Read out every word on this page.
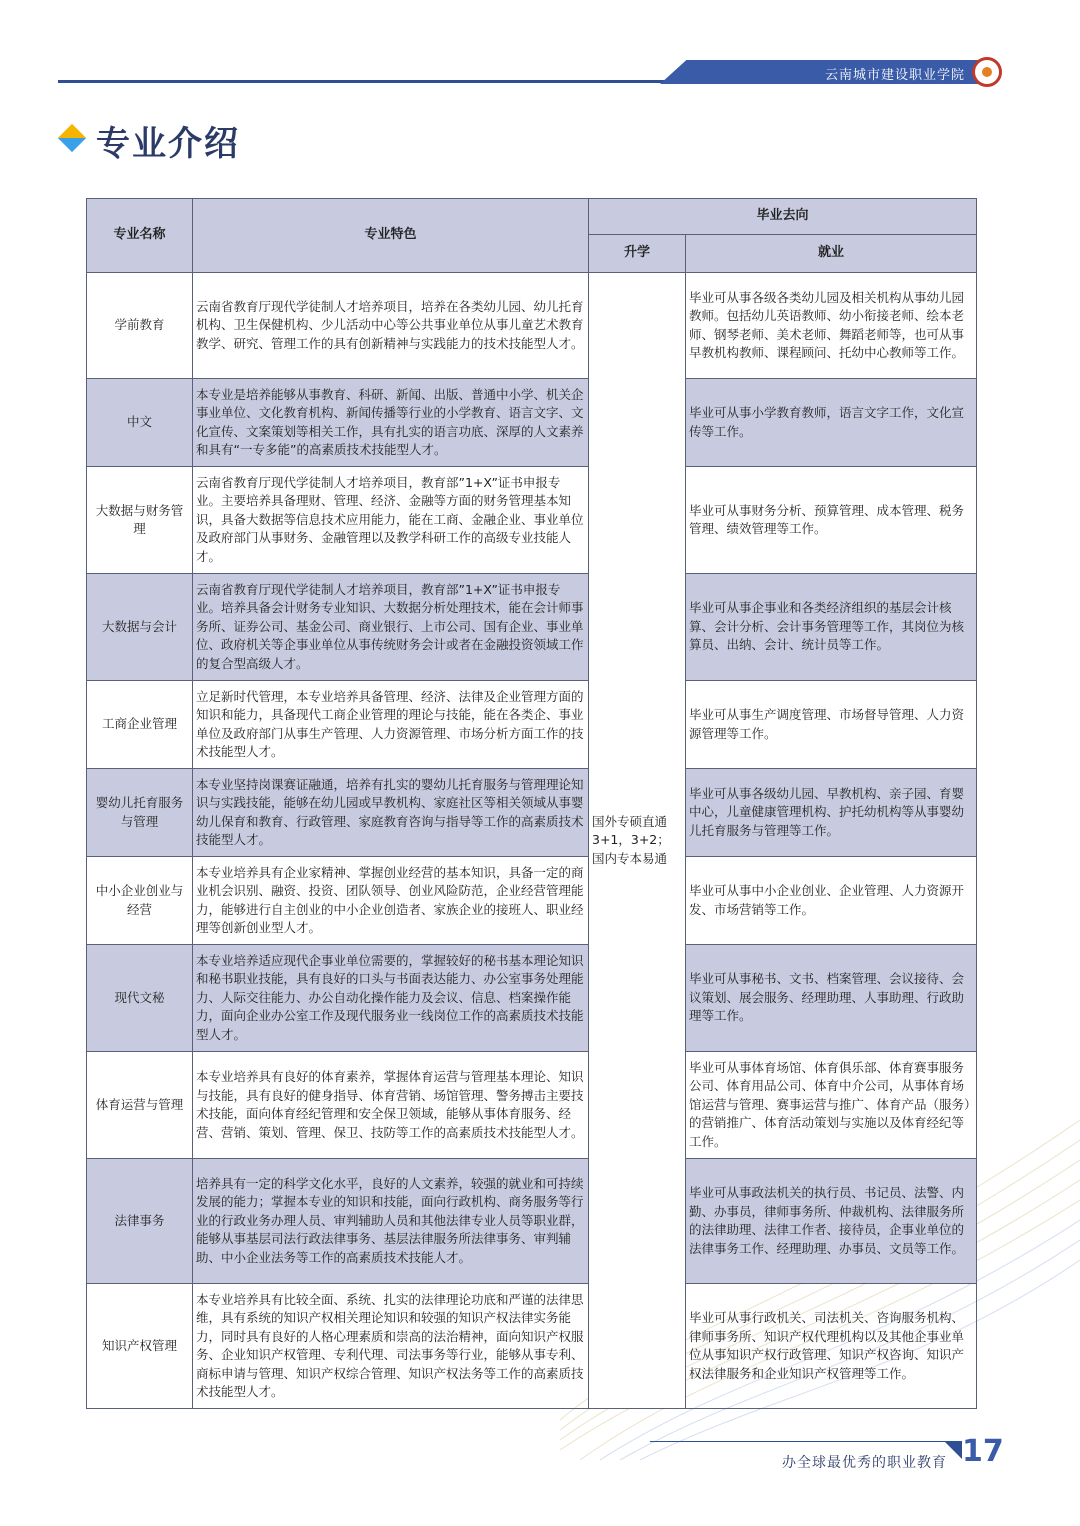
云南城市建设职业学院
专业介绍
专业名称	专业特色	毕业去向	
		升学	就业
学前教育	云南省教育厅现代学徒制人才培养项目，培养在各类幼儿园、幼儿托育机构、卫生保健机构、少儿活动中心等公共事业单位从事儿童艺术教育教学、研究、管理工作的具有创新精神与实践能力的技术技能型人才。	国外专硕直通3+1，3+2；国内专本易通	毕业可从事各级各类幼儿园及相关机构从事幼儿园教师。包括幼儿英语教师、幼小衔接老师、绘本老师、钢琴老师、美术老师、舞蹈老师等，也可从事早教机构教师、课程顾问、托幼中心教师等工作。
中文	本专业是培养能够从事教育、科研、新闻、出版、普通中小学、机关企事业单位、文化教育机构、新闻传播等行业的小学教育、语言文字、文化宣传、文案策划等相关工作，具有扎实的语言功底、深厚的人文素养和具有“一专多能”的高素质技术技能型人才。		毕业可从事小学教育教师，语言文字工作，文化宣传等工作。
大数据与财务管理	云南省教育厅现代学徒制人才培养项目，教育部”1+X”证书申报专业。主要培养具备理财、管理、经济、金融等方面的财务管理基本知识，具备大数据等信息技术应用能力，能在工商、金融企业、事业单位及政府部门从事财务、金融管理以及教学科研工作的高级专业技能人才。		毕业可从事财务分析、预算管理、成本管理、税务管理、绩效管理等工作。
大数据与会计	云南省教育厅现代学徒制人才培养项目，教育部”1+X”证书申报专业。培养具备会计财务专业知识、大数据分析处理技术，能在会计师事务所、证券公司、基金公司、商业银行、上市公司、国有企业、事业单位、政府机关等企事业单位从事传统财务会计或者在金融投资领域工作的复合型高级人才。		毕业可从事企事业和各类经济组织的基层会计核算、会计分析、会计事务管理等工作，其岗位为核算员、出纳、会计、统计员等工作。
工商企业管理	立足新时代管理，本专业培养具备管理、经济、法律及企业管理方面的知识和能力，具备现代工商企业管理的理论与技能，能在各类企、事业单位及政府部门从事生产管理、人力资源管理、市场分析方面工作的技术技能型人才。		毕业可从事生产调度管理、市场督导管理、人力资源管理等工作。
婴幼儿托育服务与管理	本专业坚持岗课赛证融通，培养有扎实的婴幼儿托育服务与管理理论知识与实践技能，能够在幼儿园或早教机构、家庭社区等相关领域从事婴幼儿保育和教育、行政管理、家庭教育咨询与指导等工作的高素质技术技能型人才。		毕业可从事各级幼儿园、早教机构、亲子园、育婴中心，儿童健康管理机构、护托幼机构等从事婴幼儿托育服务与管理等工作。
中小企业创业与经营	本专业培养具有企业家精神、掌握创业经营的基本知识，具备一定的商业机会识别、融资、投资、团队领导、创业风险防范，企业经营管理能力，能够进行自主创业的中小企业创造者、家族企业的接班人、职业经理等创新创业型人才。		毕业可从事中小企业创业、企业管理、人力资源开发、市场营销等工作。
现代文秘	本专业培养适应现代企事业单位需要的，掌握较好的秘书基本理论知识和秘书职业技能，具有良好的口头与书面表达能力、办公室事务处理能力、人际交往能力、办公自动化操作能力及会议、信息、档案操作能力，面向企业办公室工作及现代服务业一线岗位工作的高素质技术技能型人才。		毕业可从事秘书、文书、档案管理、会议接待、会议策划、展会服务、经理助理、人事助理、行政助理等工作。
体育运营与管理	本专业培养具有良好的体育素养，掌握体育运营与管理基本理论、知识与技能，具有良好的健身指导、体育营销、场馆管理、警务搏击主要技术技能，面向体育经纪管理和安全保卫领域，能够从事体育服务、经营、营销、策划、管理、保卫、技防等工作的高素质技术技能型人才。		毕业可从事体育场馆、体育俱乐部、体育赛事服务公司、体育用品公司、体育中介公司，从事体育场馆运营与管理、赛事运营与推广、体育产品（服务）的营销推广、体育活动策划与实施以及体育经纪等工作。
法律事务	培养具有一定的科学文化水平，良好的人文素养，较强的就业和可持续发展的能力；掌握本专业的知识和技能，面向行政机构、商务服务等行业的行政业务办理人员、审判辅助人员和其他法律专业人员等职业群，能够从事基层司法行政法律事务、基层法律服务所法律事务、审判辅助、中小企业法务等工作的高素质技术技能人才。		毕业可从事政法机关的执行员、书记员、法警、内勤、办事员，律师事务所、仲裁机构、法律服务所的法律助理、法律工作者、接待员，企事业单位的法律事务工作、经理助理、办事员、文员等工作。
知识产权管理	本专业培养具有比较全面、系统、扎实的法律理论功底和严谨的法律思维，具有系统的知识产权相关理论知识和较强的知识产权法律实务能力，同时具有良好的人格心理素质和崇高的法治精神，面向知识产权服务、企业知识产权管理、专利代理、司法事务等行业，能够从事专利、商标申请与管理、知识产权综合管理、知识产权法务等工作的高素质技术技能型人才。		毕业可从事行政机关、司法机关、咨询服务机构、律师事务所、知识产权代理机构以及其他企事业单位从事知识产权行政管理、知识产权咨询、知识产权法律服务和企业知识产权管理等工作。
办全球最优秀的职业教育 17
